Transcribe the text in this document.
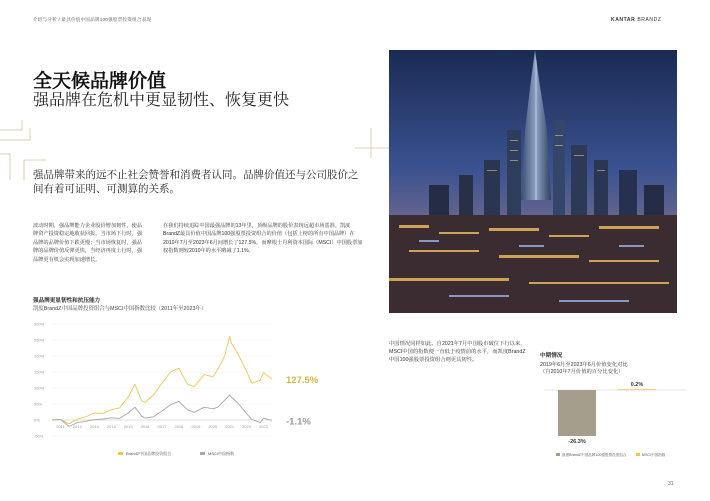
介绍与分析 / 最具价值中国品牌100强股票投资组合表现	KANTAR BRANDZ
全天候品牌价值
强品牌在危机中更显韧性、恢复更快
强品牌带来的远不止社会赞誉和消费者认同。品牌价值还与公司股价之间有着可证明、可测算的关系。
波动时期，强品牌能力企业股价增加韧性，使品牌资产投资稳定地收获回报。当市场下行时，强品牌的品牌价值下跌更慢；当市场恢复时，强品牌的品牌价值反弹更快，当经济再度上行时，强品牌更有机会实现加速增长。
在我们持续追踪中国最强品牌的13年里，顶级品牌的股价表现远超市场基准。凯度BrandZ最具价值中国品牌100强股票投资组合的价值（包括上榜的所有中国品牌）在2010年7月至2023年6月间增长了127.5%，而摩根士丹利资本国际（MSCI）中国股票加权指数则较2010年的水平略减了1.1%。
强品牌更显韧性和抗压能力
凯度BrandZ中国品牌投资组合与MSCI中国指数比较（2011年至2023年）
-50%
0%
50%
100%
150%
200%
250%
300%
2011 2012 2013 2014 2015 2016 2017 2018 2019 2020 2021 2022 2023
127.5%
-1.1%
BrandZ中国品牌投资组合	MSCI中国指数
中国情况同样如此。自2021年7月中国股市破位下行以来，MSCI中国的指数便一直低于疫情前的水平，而凯度BrandZ中国100强股票投资组合则更具韧性。
中期情况
2019年6月至2023年6月价值变化对比
（自2010年7月价值的百分比变化）
-26.3%
0.2%
凯度BrandZ中国品牌100强股票投资组合	MSCI中国指数
31
